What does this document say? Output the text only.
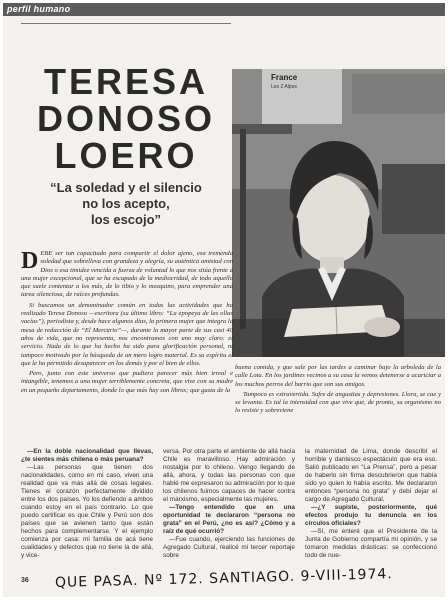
perfil humano
TERESA
DONOSO
LOERO
“La soledad y el silencio
no los acepto,
los escojo”
France
Les 2 Alpes

D EBE ser tan capacitado para compartir el dolor ajeno, esa tremenda soledad que sobrelleva con grandeza y alegría, su auténtica amistad con Dios o esa timidez vencida a fuerza de voluntad lo que nos sitúa frente a una mujer excepcional, que se ha escapado de la mediocridad, de todo aquello que suele contentar a los más, de lo tibio y lo mezquino, para emprender una tarea silenciosa, de raíces profundas.

Si buscamos un denominador común en todas las actividades que ha realizado Teresa Donoso —escritora (su último libro: “La epopeya de las ollas vacías”), periodista y, desde hace algunos días, la primera mujer que integra la mesa de redacción de “El Mercurio”—, durante la mayor parte de sus casi 40 años de vida, que no representa, nos encontramos con uno muy claro: el servicio. Nada de lo que ha hecho ha sido para glorificación personal, ni tampoco motivado por la búsqueda de un mero logro material. Es su espíritu el que le ha permitido desaparecer en los demás y por el bien de ellos.

Pero, junto con este universo que pudiera parecer más bien irreal e intangible, tenemos a una mujer terriblemente concreta, que vive con su madre en un pequeño departamento, donde lo que más hay son libros; que gusta de la

buena comida, y que sale por las tardes a caminar bajo la arboleda de la calle Lota. En los jardines vecinos a su casa la vemos detenerse a acariciar a los muchos perros del barrio que son sus amigos.

Tampoco es extravertida. Sufre de angustias y depresiones. Llora, se cae y se levanta. Es tal la intensidad con que vive que, de pronto, su organismo no lo resiste y sobreviene

—En la doble nacionalidad que llevas, ¿te sientes más chilena o más peruana?

—Las personas que tienen dos nacionalidades, como en mi caso, viven una realidad que va más allá de cosas legales. Tienes el corazón perfectamente dividido entre los dos países. Yo los defiendo a ambos cuando estoy en el país contrario. Lo que puedo certificar es que Chile y Perú son dos países que se avienen tanto que están hechos para complementarse. Y el ejemplo comienza por casa: mi familia de acá tiene cualidades y defectos que no tiene la de allá, y vice-

versa. Por otra parte el ambiente de allá hacia Chile es maravilloso. Hay admiración y nostalgia por lo chileno. Vengo llegando de allá, ahora, y todas las personas con que hablé me expresaron su admiración por lo que los chilenos fuimos capaces de hacer contra el marxismo, especialmente las mujeres.

—Tengo entendido que en una oportunidad te declararon “persona no grata” en el Perú, ¿no es así? ¿Cómo y a raíz de qué ocurrió?

—Fue cuando, ejerciendo las funciones de Agregado Cultural, realicé mi tercer reportaje sobre

la maternidad de Lima, donde describí el horrible y dantesco espectáculo que era eso. Salió publicado en “La Prensa”, pero a pesar de haberlo sin firma descubrieron que había sido yo quien lo había escrito. Me declararon entonces “persona no grata” y debí dejar el cargo de Agregado Cultural.

—¿Y supiste, posteriormente, qué efectos produjo tu denuncia en los círculos oficiales?

—Sí, me enteré que el Presidente de la Junta de Gobierno compartía mi opinión, y se tomaron medidas drásticas: se confeccionó todo de nue-

36 QUE PASA. Nº 172. SANTIAGO. 9-VIII-1974.
